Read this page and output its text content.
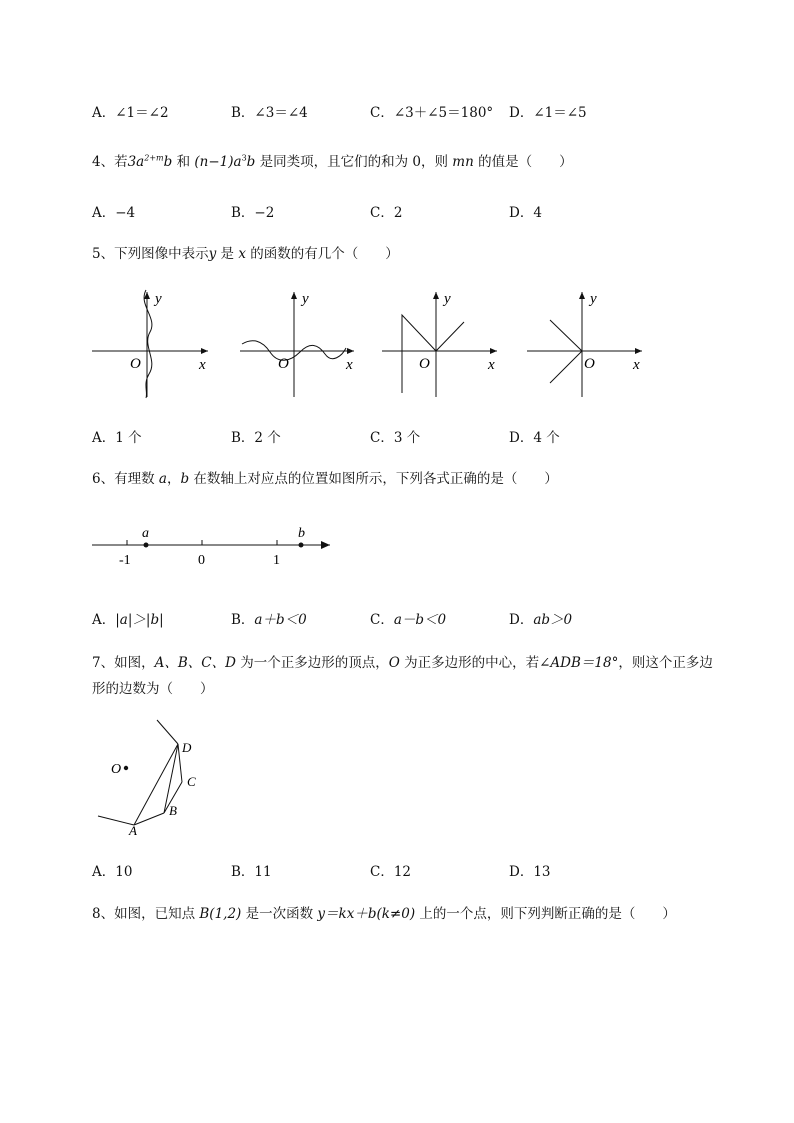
A．∠1＝∠2	B．∠3＝∠4	C．∠3＋∠5＝180° D．∠1＝∠5
4、若$3a^{2+m}b$ 和 $(n-1)a^3b$ 是同类项，且它们的和为 0，则 mn 的值是（　　）
A．−4	B．−2	C．2	D．4
5、下列图像中表示y 是 x 的函数的有几个（　　）
O	x
y
O	x
y
O	x
y
O	x
y
A．1 个	B．2 个	C．3 个	D．4 个
6、有理数 a，b 在数轴上对应点的位置如图所示，下列各式正确的是（　　）
a	b
-1	0	1
A．|a|＞|b|	B．a＋b＜0	C．a－b＜0	D．ab＞0
7、如图，A、B、C、D 为一个正多边形的顶点，O 为正多边形的中心，若∠ADB＝18°，则这个正多边
形的边数为（　　）
O
A
B
C
D
A．10	B．11	C．12	D．13
8、如图，已知点 B(1,2) 是一次函数 y＝kx＋b(k≠0) 上的一个点，则下列判断正确的是（　　）
